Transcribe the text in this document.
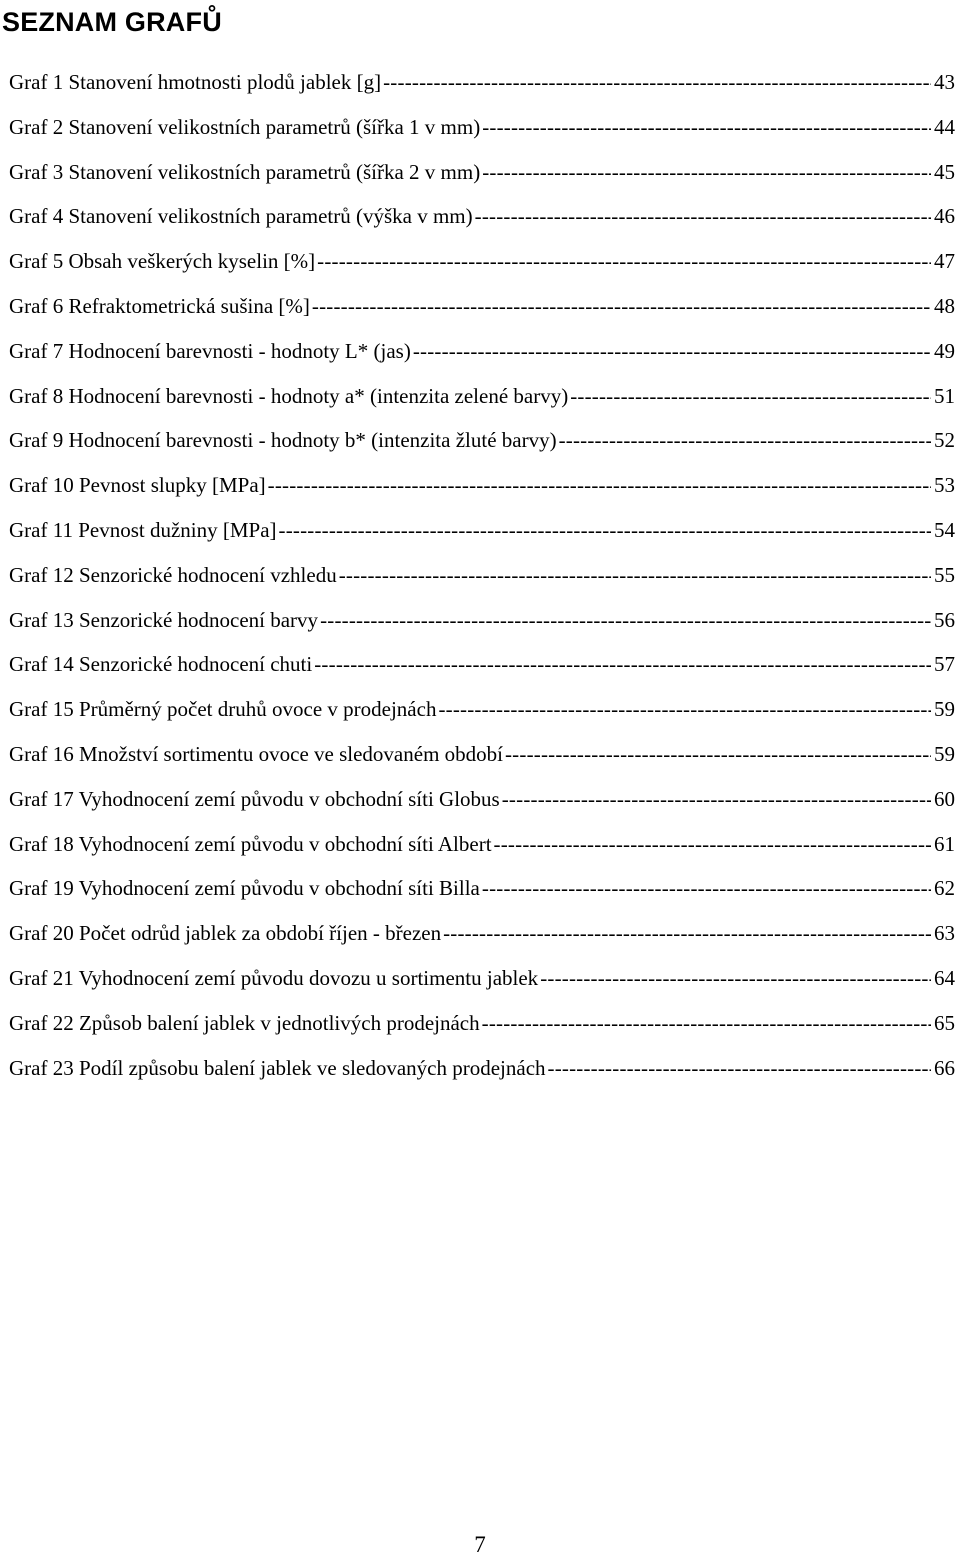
SEZNAM GRAFŮ
Graf 1 Stanovení hmotnosti plodů jablek [g] -----	43
Graf 2 Stanovení velikostních parametrů (šířka 1 v mm) -----	44
Graf 3 Stanovení velikostních parametrů (šířka 2 v mm) -----	45
Graf 4 Stanovení velikostních parametrů (výška v mm) -----	46
Graf 5 Obsah veškerých kyselin [%] -----	47
Graf 6 Refraktometrická sušina [%] -----	48
Graf 7 Hodnocení barevnosti - hodnoty L* (jas) -----	49
Graf 8 Hodnocení barevnosti - hodnoty a* (intenzita zelené barvy) -----	51
Graf 9 Hodnocení barevnosti - hodnoty b* (intenzita žluté barvy) -----	52
Graf 10 Pevnost slupky [MPa] -----	53
Graf 11 Pevnost dužniny [MPa] -----	54
Graf 12 Senzorické hodnocení vzhledu -----	55
Graf 13 Senzorické hodnocení barvy -----	56
Graf 14 Senzorické hodnocení chuti -----	57
Graf 15 Průměrný počet druhů ovoce v prodejnách -----	59
Graf 16 Množství sortimentu ovoce ve sledovaném období -----	59
Graf 17 Vyhodnocení zemí původu v obchodní síti Globus -----	60
Graf 18 Vyhodnocení zemí původu v obchodní síti Albert -----	61
Graf 19 Vyhodnocení zemí původu v obchodní síti Billa -----	62
Graf 20 Počet odrůd jablek za období říjen - březen -----	63
Graf 21 Vyhodnocení zemí původu dovozu u sortimentu jablek -----	64
Graf 22 Způsob balení jablek v jednotlivých prodejnách -----	65
Graf 23 Podíl způsobu balení jablek ve sledovaných prodejnách -----	66

7
